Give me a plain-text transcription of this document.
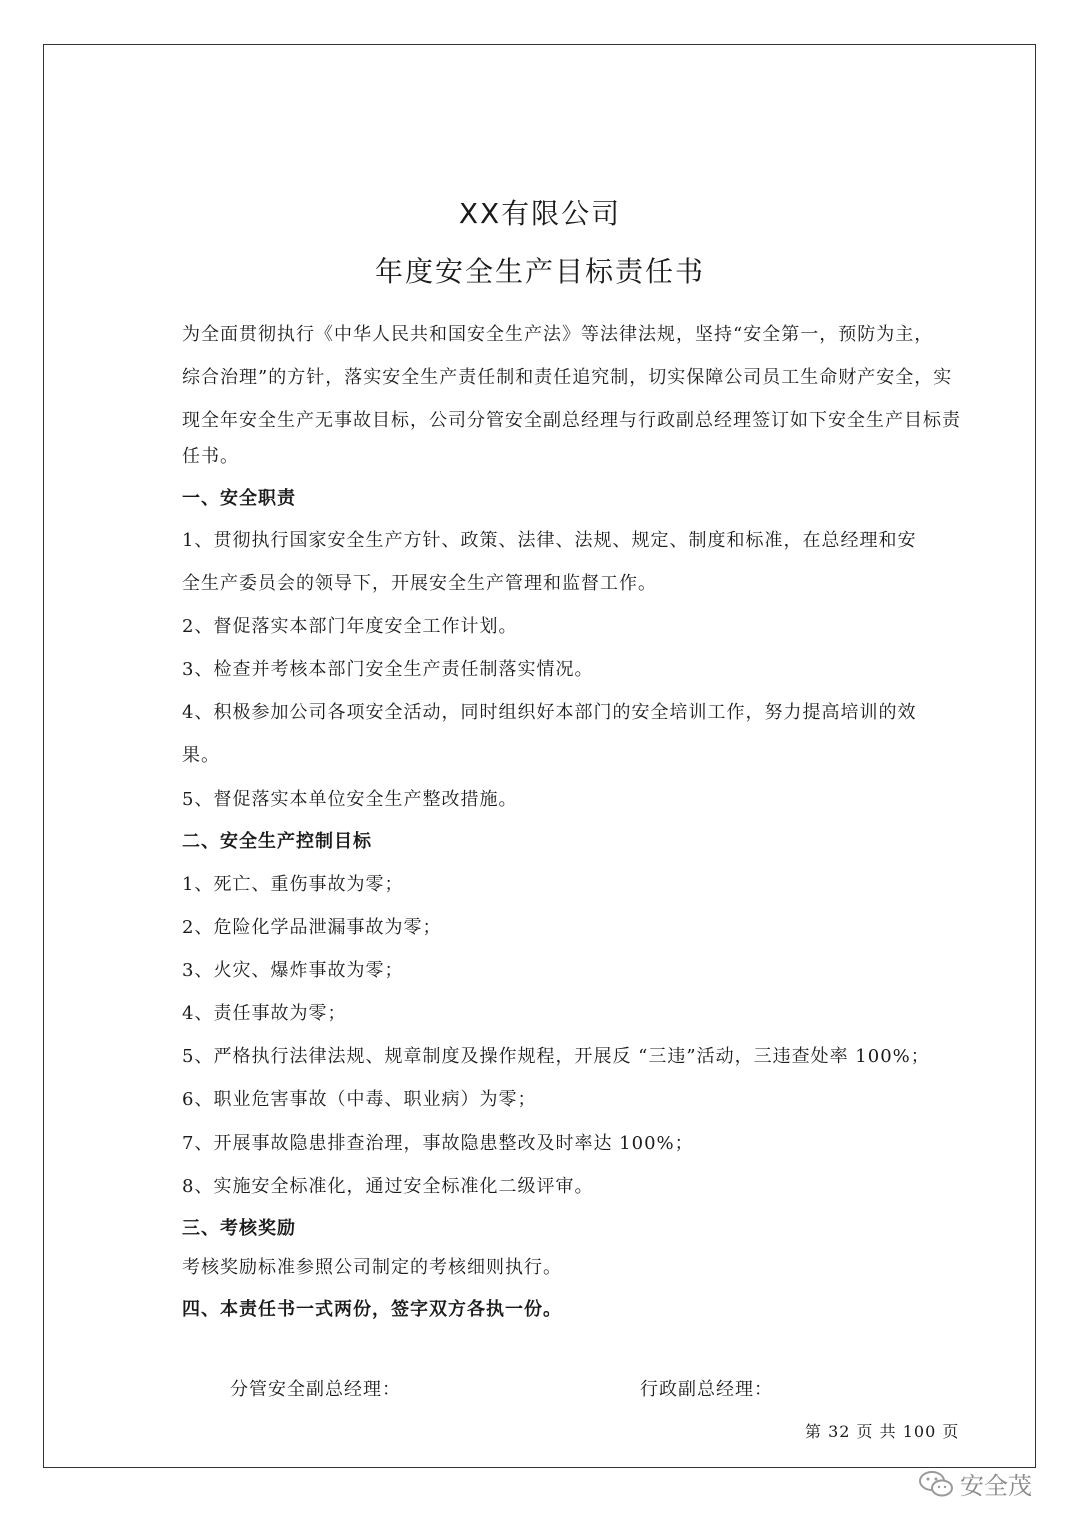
XX有限公司
年度安全生产目标责任书
为全面贯彻执行《中华人民共和国安全生产法》等法律法规，坚持“安全第一，预防为主，
综合治理”的方针，落实安全生产责任制和责任追究制，切实保障公司员工生命财产安全，实
现全年安全生产无事故目标，公司分管安全副总经理与行政副总经理签订如下安全生产目标责
任书。
一、安全职责
1、贯彻执行国家安全生产方针、政策、法律、法规、规定、制度和标准，在总经理和安
全生产委员会的领导下，开展安全生产管理和监督工作。
2、督促落实本部门年度安全工作计划。
3、检查并考核本部门安全生产责任制落实情况。
4、积极参加公司各项安全活动，同时组织好本部门的安全培训工作，努力提高培训的效
果。
5、督促落实本单位安全生产整改措施。
二、安全生产控制目标
1、死亡、重伤事故为零；
2、危险化学品泄漏事故为零；
3、火灾、爆炸事故为零；
4、责任事故为零；
5、严格执行法律法规、规章制度及操作规程，开展反 “三违”活动，三违查处率 100%；
6、职业危害事故（中毒、职业病）为零；
7、开展事故隐患排查治理，事故隐患整改及时率达 100%；
8、实施安全标准化，通过安全标准化二级评审。
三、考核奖励
考核奖励标准参照公司制定的考核细则执行。
四、本责任书一式两份，签字双方各执一份。
分管安全副总经理：	行政副总经理：
第 32 页 共 100 页
安全茂
